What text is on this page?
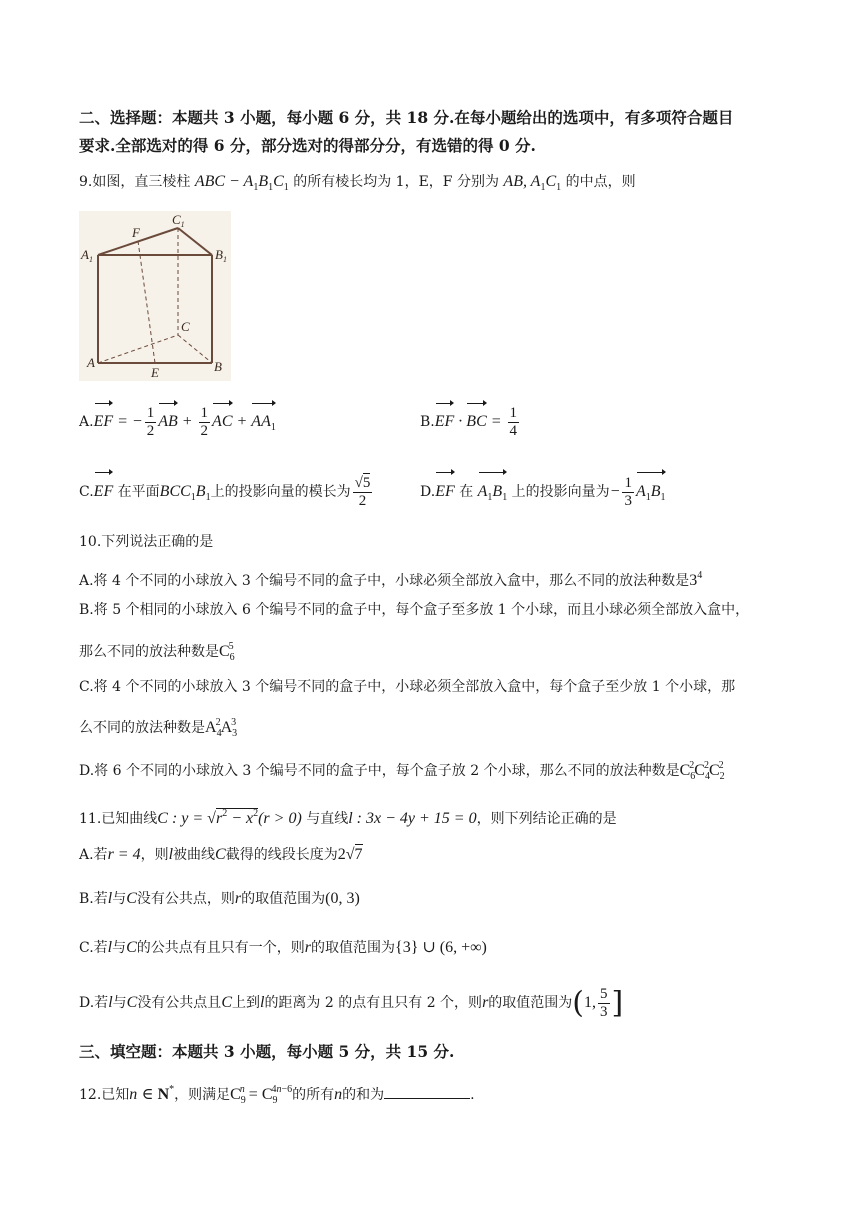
二、选择题：本题共 3 小题，每小题 6 分，共 18 分.在每小题给出的选项中，有多项符合题目
要求.全部选对的得 6 分，部分选对的得部分分，有选错的得 0 分.
9.如图，直三棱柱 ABC − $A_1B_1C_1$ 的所有棱长均为 1，E，F 分别为 AB, $A_1C_1$ 的中点，则
$A_1$	$B_1$
$C_1$
F
C
A	B
E
A.EF = − $\frac{1}{2}$ AB + $\frac{1}{2}$ AC + $AA_1$	B.EF · BC = $\frac{1}{4}$
C.EF 在平面$BCC_1B_1$上的投影向量的模长为 $\frac{√5}{2}$	D.EF 在 $A_1B_1$ 上的投影向量为− $\frac{1}{3} A_1B_1$
10.下列说法正确的是
A.将 4 个不同的小球放入 3 个编号不同的盒子中，小球必须全部放入盒中，那么不同的放法种数是$3^4$
B.将 5 个相同的小球放入 6 个编号不同的盒子中，每个盒子至多放 1 个小球，而且小球必须全部放入盒中，
那么不同的放法种数是$C_6^5$
C.将 4 个不同的小球放入 3 个编号不同的盒子中，小球必须全部放入盒中，每个盒子至少放 1 个小球，那
么不同的放法种数是$A_4^2A_3^3$
D.将 6 个不同的小球放入 3 个编号不同的盒子中，每个盒子放 2 个小球，那么不同的放法种数是$C_6^2C_4^2C_2^2$
11.已知曲线C : $y = √r^2 - x^2(r > 0)$ 与直线l : 3x − 4y + 15 = 0，则下列结论正确的是
A.若r = 4，则l被曲线C截得的线段长度为2√7
B.若l与C没有公共点，则r的取值范围为(0, 3)
C.若l与C的公共点有且只有一个，则r的取值范围为{3} ∪ (6, +∞)
D.若l与C没有公共点且C上到l的距离为 2 的点有且只有 2 个，则r的取值范围为(1, $\frac{5}{3}$ ]
三、填空题：本题共 3 小题，每小题 5 分，共 15 分.
12.已知n ∈ N*，则满足$C_9^n = C_9^{4n-6}$的所有n的和为	.
